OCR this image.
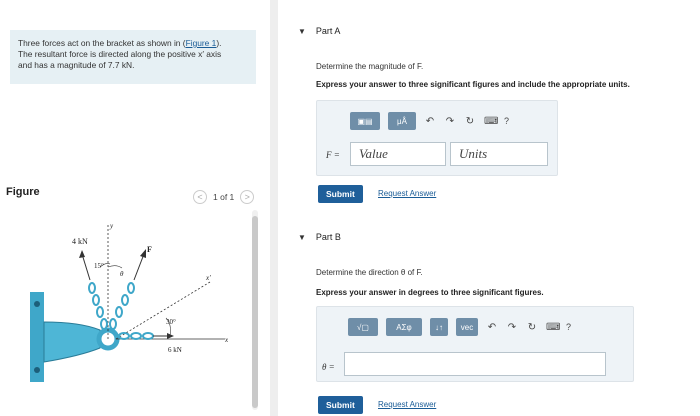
Three forces act on the bracket as shown in (Figure 1).
The resultant force is directed along the positive x′ axis
and has a magnitude of 7.7 kN.
Figure	<	1 of 1	>
4 kN
F
15°
θ
y
x′
x
30°
6 kN
▼ Part A
Determine the magnitude of F.
Express your answer to three significant figures and include the appropriate units.
▣▤	μÅ	↶ ↷ ↻ ⌨ ?
F =	Value	Units
Submit	Request Answer
▼ Part B
Determine the direction θ of F.
Express your answer in degrees to three significant figures.
√▢	ΑΣφ	↓↑	vec	↶ ↷ ↻ ⌨ ?
θ =
Submit	Request Answer
